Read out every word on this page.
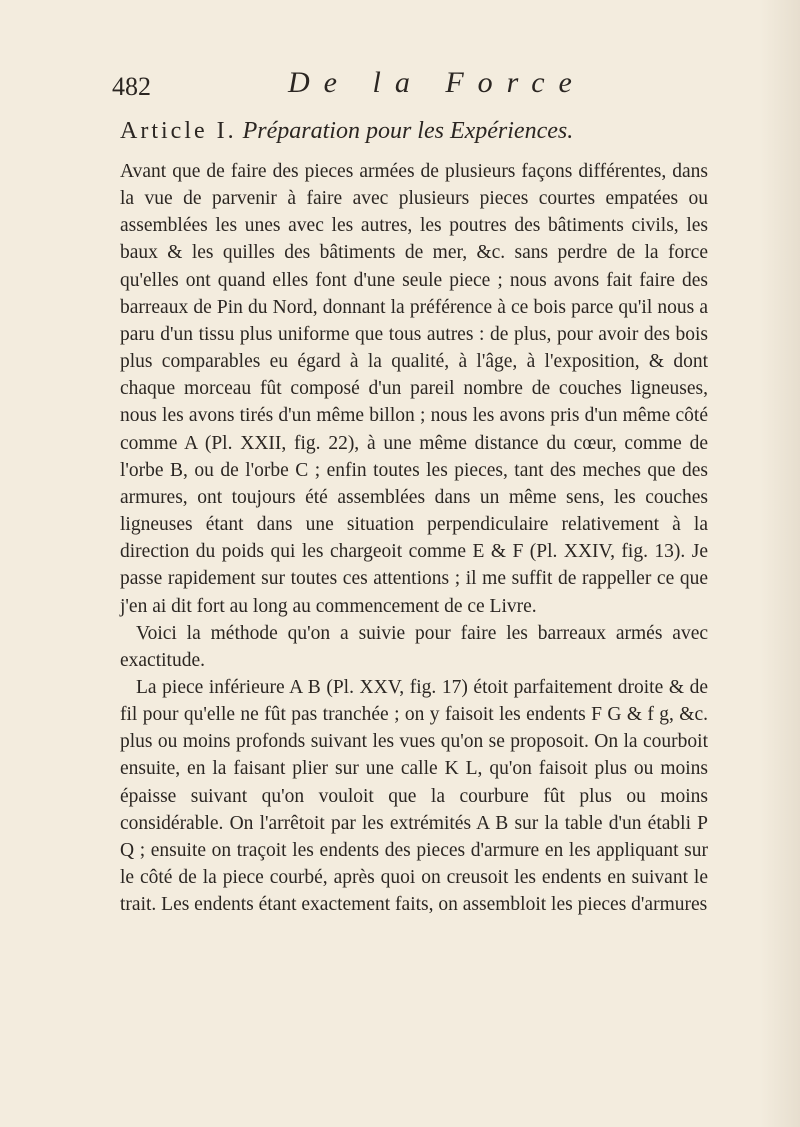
482	De la Force
Article I. Préparation pour les Expériences.

Avant que de faire des pieces armées de plusieurs façons différentes, dans la vue de parvenir à faire avec plusieurs pieces courtes empatées ou assemblées les unes avec les autres, les poutres des bâtiments civils, les baux & les quilles des bâtiments de mer, &c. sans perdre de la force qu'elles ont quand elles font d'une seule piece ; nous avons fait faire des barreaux de Pin du Nord, donnant la préférence à ce bois parce qu'il nous a paru d'un tissu plus uniforme que tous autres : de plus, pour avoir des bois plus comparables eu égard à la qualité, à l'âge, à l'exposition, & dont chaque morceau fût composé d'un pareil nombre de couches ligneuses, nous les avons tirés d'un même billon ; nous les avons pris d'un même côté comme A (Pl. XXII, fig. 22), à une même distance du cœur, comme de l'orbe B, ou de l'orbe C ; enfin toutes les pieces, tant des meches que des armures, ont toujours été assemblées dans un même sens, les couches ligneuses étant dans une situation perpendiculaire relativement à la direction du poids qui les chargeoit comme E & F (Pl. XXIV, fig. 13). Je passe rapidement sur toutes ces attentions ; il me suffit de rappeller ce que j'en ai dit fort au long au commencement de ce Livre.

Voici la méthode qu'on a suivie pour faire les barreaux armés avec exactitude.

La piece inférieure A B (Pl. XXV, fig. 17) étoit parfaitement droite & de fil pour qu'elle ne fût pas tranchée ; on y faisoit les endents F G & f g, &c. plus ou moins profonds suivant les vues qu'on se proposoit. On la courboit ensuite, en la faisant plier sur une calle K L, qu'on faisoit plus ou moins épaisse suivant qu'on vouloit que la courbure fût plus ou moins considérable. On l'arrêtoit par les extrémités A B sur la table d'un établi P Q ; ensuite on traçoit les endents des pieces d'armure en les appliquant sur le côté de la piece courbé, après quoi on creusoit les endents en suivant le trait. Les endents étant exactement faits, on assembloit les pieces d'armures
